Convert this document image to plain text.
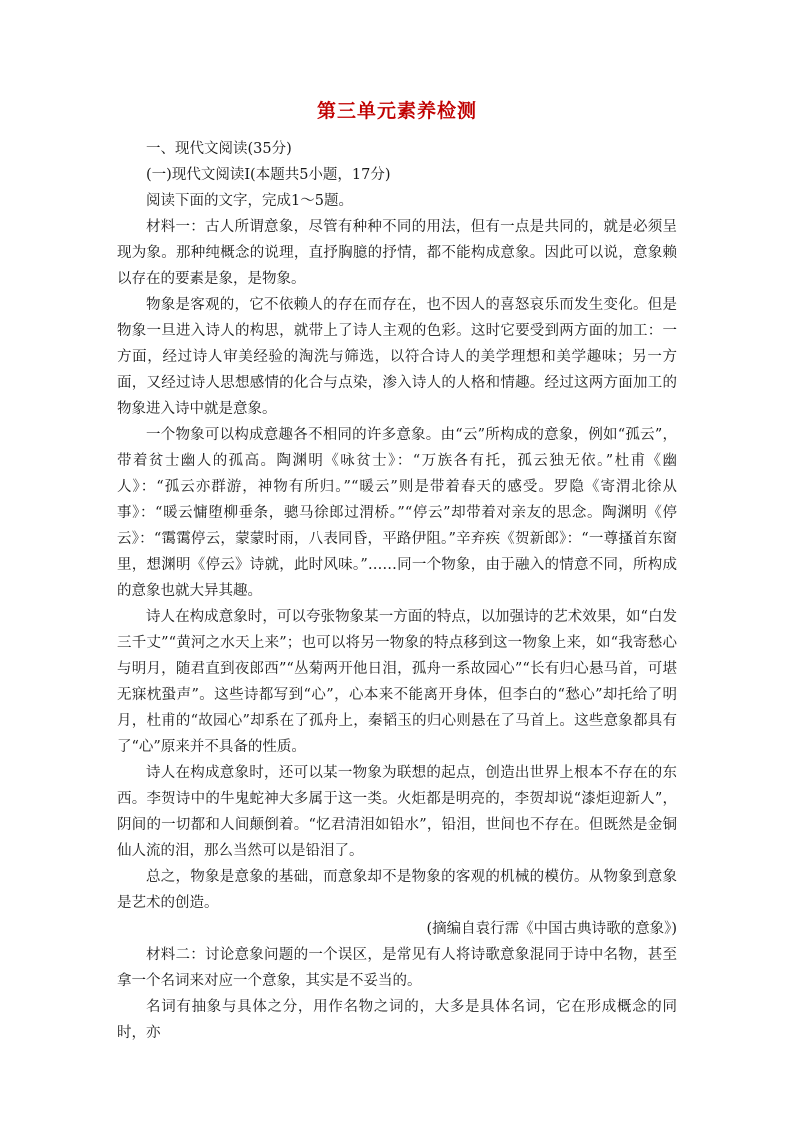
第三单元素养检测

一、现代文阅读(35分)

(一)现代文阅读Ⅰ(本题共5小题，17分)

阅读下面的文字，完成1～5题。

材料一：古人所谓意象，尽管有种种不同的用法，但有一点是共同的，就是必须呈现为象。那种纯概念的说理，直抒胸臆的抒情，都不能构成意象。因此可以说，意象赖以存在的要素是象，是物象。

物象是客观的，它不依赖人的存在而存在，也不因人的喜怒哀乐而发生变化。但是物象一旦进入诗人的构思，就带上了诗人主观的色彩。这时它要受到两方面的加工：一方面，经过诗人审美经验的淘洗与筛选，以符合诗人的美学理想和美学趣味；另一方面，又经过诗人思想感情的化合与点染，渗入诗人的人格和情趣。经过这两方面加工的物象进入诗中就是意象。

一个物象可以构成意趣各不相同的许多意象。由“云”所构成的意象，例如“孤云”，带着贫士幽人的孤高。陶渊明《咏贫士》：“万族各有托，孤云独无依。”杜甫《幽人》：“孤云亦群游，神物有所归。”“暖云”则是带着春天的感受。罗隐《寄渭北徐从事》：“暖云慵堕柳垂条，骢马徐郎过渭桥。”“停云”却带着对亲友的思念。陶渊明《停云》：“霭霭停云，蒙蒙时雨，八表同昏，平路伊阻。”辛弃疾《贺新郎》：“一尊搔首东窗里，想渊明《停云》诗就，此时风味。”……同一个物象，由于融入的情意不同，所构成的意象也就大异其趣。

诗人在构成意象时，可以夸张物象某一方面的特点，以加强诗的艺术效果，如“白发三千丈”“黄河之水天上来”；也可以将另一物象的特点移到这一物象上来，如“我寄愁心与明月，随君直到夜郎西”“丛菊两开他日泪，孤舟一系故园心”“长有归心悬马首，可堪无寐枕蛩声”。这些诗都写到“心”，心本来不能离开身体，但李白的“愁心”却托给了明月，杜甫的“故园心”却系在了孤舟上，秦韬玉的归心则悬在了马首上。这些意象都具有了“心”原来并不具备的性质。

诗人在构成意象时，还可以某一物象为联想的起点，创造出世界上根本不存在的东西。李贺诗中的牛鬼蛇神大多属于这一类。火炬都是明亮的，李贺却说“漆炬迎新人”，阴间的一切都和人间颠倒着。“忆君清泪如铅水”，铅泪，世间也不存在。但既然是金铜仙人流的泪，那么当然可以是铅泪了。

总之，物象是意象的基础，而意象却不是物象的客观的机械的模仿。从物象到意象是艺术的创造。

(摘编自袁行霈《中国古典诗歌的意象》)

材料二：讨论意象问题的一个误区，是常见有人将诗歌意象混同于诗中名物，甚至拿一个名词来对应一个意象，其实是不妥当的。

名词有抽象与具体之分，用作名物之词的，大多是具体名词，它在形成概念的同时，亦
